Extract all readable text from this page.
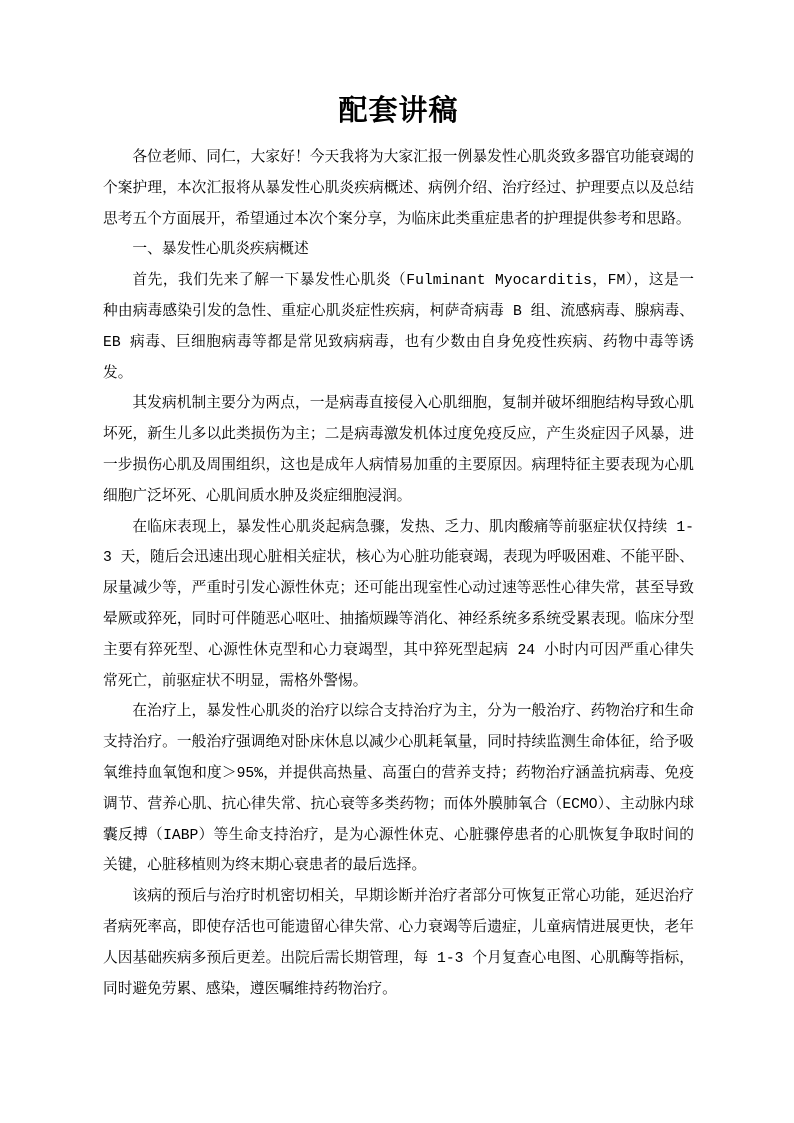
配套讲稿

各位老师、同仁，大家好！今天我将为大家汇报一例暴发性心肌炎致多器官功能衰竭的个案护理，本次汇报将从暴发性心肌炎疾病概述、病例介绍、治疗经过、护理要点以及总结思考五个方面展开，希望通过本次个案分享，为临床此类重症患者的护理提供参考和思路。

一、暴发性心肌炎疾病概述

首先，我们先来了解一下暴发性心肌炎（Fulminant Myocarditis，FM），这是一种由病毒感染引发的急性、重症心肌炎症性疾病，柯萨奇病毒 B 组、流感病毒、腺病毒、EB 病毒、巨细胞病毒等都是常见致病病毒，也有少数由自身免疫性疾病、药物中毒等诱发。

其发病机制主要分为两点，一是病毒直接侵入心肌细胞，复制并破坏细胞结构导致心肌坏死，新生儿多以此类损伤为主；二是病毒激发机体过度免疫反应，产生炎症因子风暴，进一步损伤心肌及周围组织，这也是成年人病情易加重的主要原因。病理特征主要表现为心肌细胞广泛坏死、心肌间质水肿及炎症细胞浸润。

在临床表现上，暴发性心肌炎起病急骤，发热、乏力、肌肉酸痛等前驱症状仅持续 1-3 天，随后会迅速出现心脏相关症状，核心为心脏功能衰竭，表现为呼吸困难、不能平卧、尿量减少等，严重时引发心源性休克；还可能出现室性心动过速等恶性心律失常，甚至导致晕厥或猝死，同时可伴随恶心呕吐、抽搐烦躁等消化、神经系统多系统受累表现。临床分型主要有猝死型、心源性休克型和心力衰竭型，其中猝死型起病 24 小时内可因严重心律失常死亡，前驱症状不明显，需格外警惕。

在治疗上，暴发性心肌炎的治疗以综合支持治疗为主，分为一般治疗、药物治疗和生命支持治疗。一般治疗强调绝对卧床休息以减少心肌耗氧量，同时持续监测生命体征，给予吸氧维持血氧饱和度＞95%，并提供高热量、高蛋白的营养支持；药物治疗涵盖抗病毒、免疫调节、营养心肌、抗心律失常、抗心衰等多类药物；而体外膜肺氧合（ECMO）、主动脉内球囊反搏（IABP）等生命支持治疗，是为心源性休克、心脏骤停患者的心肌恢复争取时间的关键，心脏移植则为终末期心衰患者的最后选择。

该病的预后与治疗时机密切相关，早期诊断并治疗者部分可恢复正常心功能，延迟治疗者病死率高，即使存活也可能遗留心律失常、心力衰竭等后遗症，儿童病情进展更快，老年人因基础疾病多预后更差。出院后需长期管理，每 1-3 个月复查心电图、心肌酶等指标，同时避免劳累、感染，遵医嘱维持药物治疗。
